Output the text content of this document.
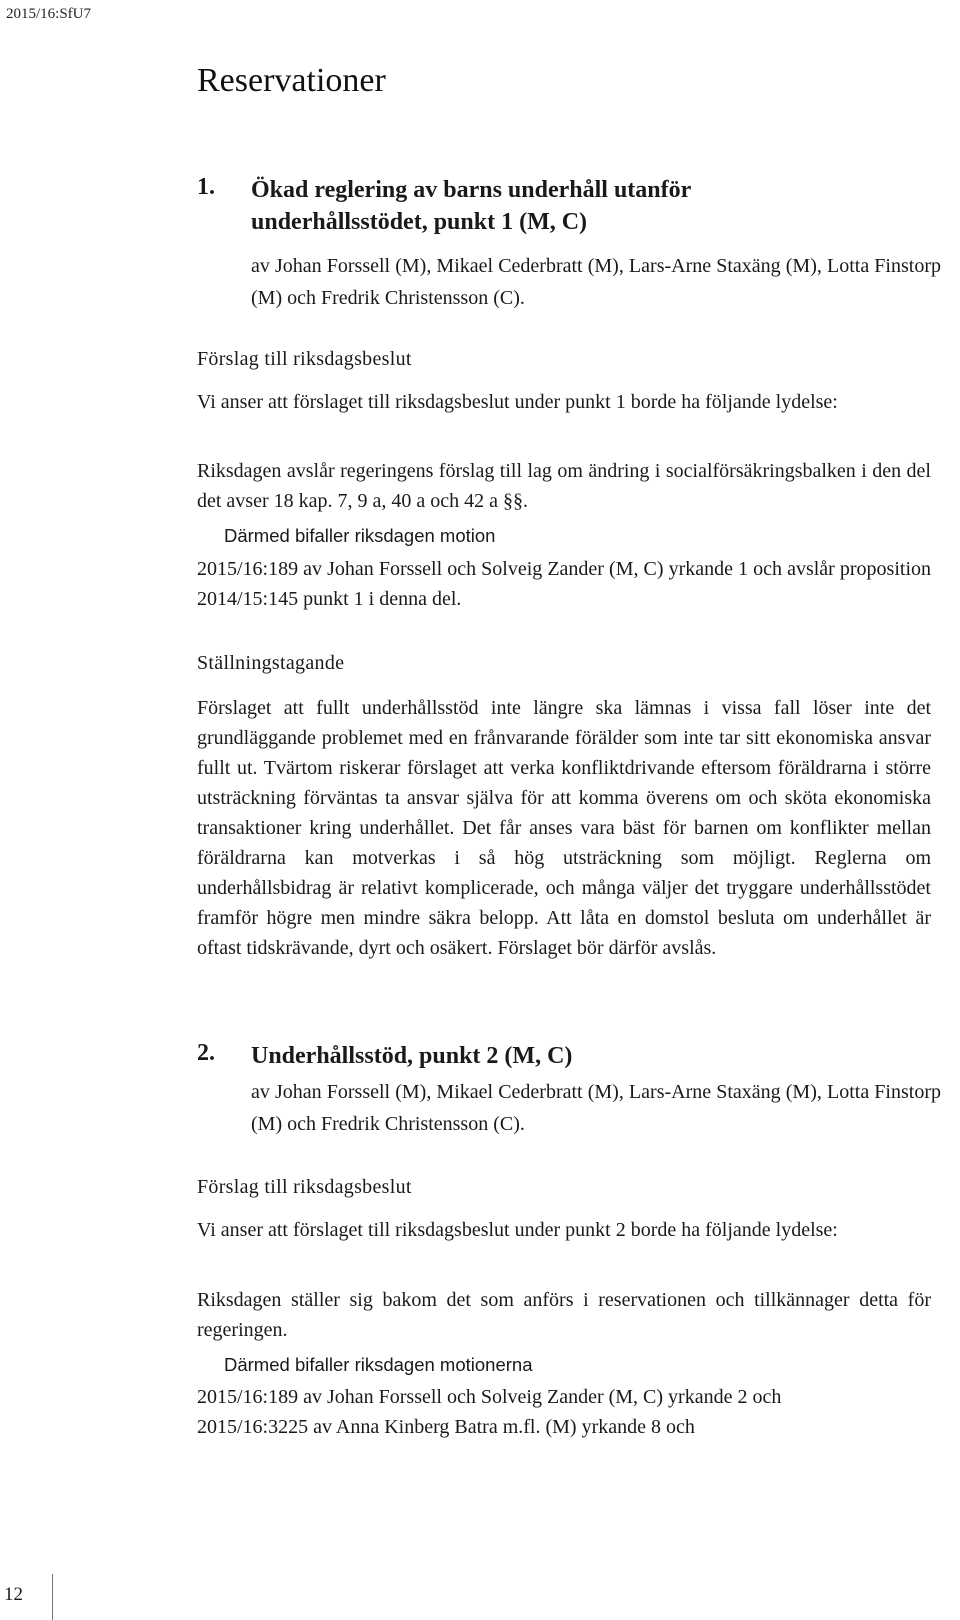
2015/16:SfU7
Reservationer
1. Ökad reglering av barns underhåll utanför
underhållsstödet, punkt 1 (M, C)
av Johan Forssell (M), Mikael Cederbratt (M), Lars-Arne Staxäng (M), Lotta Finstorp (M) och Fredrik Christensson (C).
Förslag till riksdagsbeslut
Vi anser att förslaget till riksdagsbeslut under punkt 1 borde ha följande lydelse:
Riksdagen avslår regeringens förslag till lag om ändring i socialförsäkringsbalken i den del det avser 18 kap. 7, 9 a, 40 a och 42 a §§.
Därmed bifaller riksdagen motion
2015/16:189 av Johan Forssell och Solveig Zander (M, C) yrkande 1 och avslår proposition 2014/15:145 punkt 1 i denna del.
Ställningstagande
Förslaget att fullt underhållsstöd inte längre ska lämnas i vissa fall löser inte det grundläggande problemet med en frånvarande förälder som inte tar sitt ekonomiska ansvar fullt ut. Tvärtom riskerar förslaget att verka konfliktdrivande eftersom föräldrarna i större utsträckning förväntas ta ansvar själva för att komma överens om och sköta ekonomiska transaktioner kring underhållet. Det får anses vara bäst för barnen om konflikter mellan föräldrarna kan motverkas i så hög utsträckning som möjligt. Reglerna om underhållsbidrag är relativt komplicerade, och många väljer det tryggare underhållsstödet framför högre men mindre säkra belopp. Att låta en domstol besluta om underhållet är oftast tidskrävande, dyrt och osäkert. Förslaget bör därför avslås.
2. Underhållsstöd, punkt 2 (M, C)
av Johan Forssell (M), Mikael Cederbratt (M), Lars-Arne Staxäng (M), Lotta Finstorp (M) och Fredrik Christensson (C).
Förslag till riksdagsbeslut
Vi anser att förslaget till riksdagsbeslut under punkt 2 borde ha följande lydelse:
Riksdagen ställer sig bakom det som anförs i reservationen och tillkännager detta för regeringen.
Därmed bifaller riksdagen motionerna
2015/16:189 av Johan Forssell och Solveig Zander (M, C) yrkande 2 och
2015/16:3225 av Anna Kinberg Batra m.fl. (M) yrkande 8 och
12
